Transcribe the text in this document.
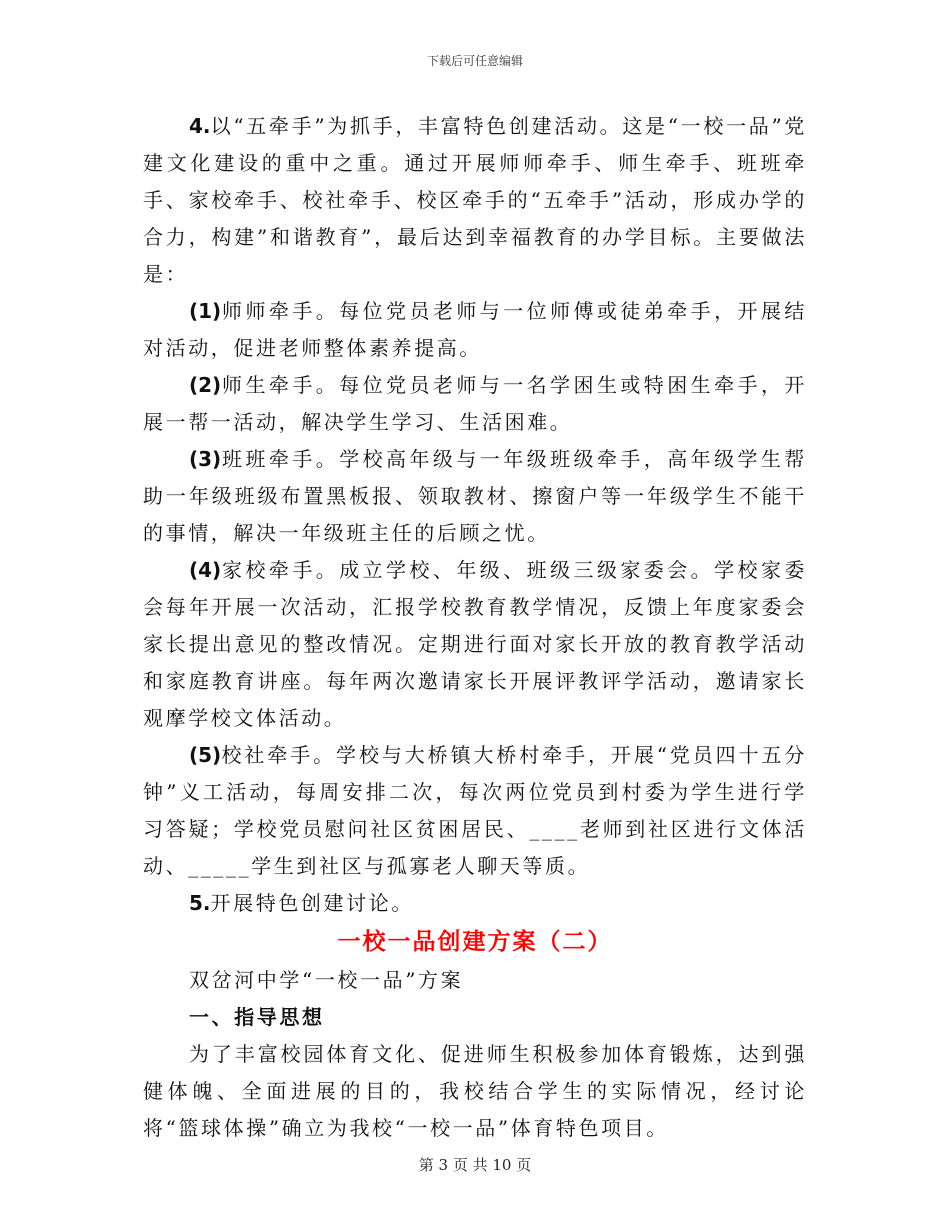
下载后可任意编辑

4.以“五牵手”为抓手，丰富特色创建活动。这是“一校一品”党建文化建设的重中之重。通过开展师师牵手、师生牵手、班班牵手、家校牵手、校社牵手、校区牵手的“五牵手”活动，形成办学的合力，构建”和谐教育”，最后达到幸福教育的办学目标。主要做法是：

(1)师师牵手。每位党员老师与一位师傅或徒弟牵手，开展结对活动，促进老师整体素养提高。

(2)师生牵手。每位党员老师与一名学困生或特困生牵手，开展一帮一活动，解决学生学习、生活困难。

(3)班班牵手。学校高年级与一年级班级牵手，高年级学生帮助一年级班级布置黑板报、领取教材、擦窗户等一年级学生不能干的事情，解决一年级班主任的后顾之忧。

(4)家校牵手。成立学校、年级、班级三级家委会。学校家委会每年开展一次活动，汇报学校教育教学情况，反馈上年度家委会家长提出意见的整改情况。定期进行面对家长开放的教育教学活动和家庭教育讲座。每年两次邀请家长开展评教评学活动，邀请家长观摩学校文体活动。

(5)校社牵手。学校与大桥镇大桥村牵手，开展“党员四十五分钟”义工活动，每周安排二次，每次两位党员到村委为学生进行学习答疑；学校党员慰问社区贫困居民、____老师到社区进行文体活动、_____学生到社区与孤寡老人聊天等质。

5.开展特色创建讨论。

一校一品创建方案（二）

双岔河中学“一校一品”方案

一、指导思想

为了丰富校园体育文化、促进师生积极参加体育锻炼，达到强健体魄、全面进展的目的，我校结合学生的实际情况，经讨论将“篮球体操”确立为我校“一校一品”体育特色项目。

第 3 页 共 10 页
